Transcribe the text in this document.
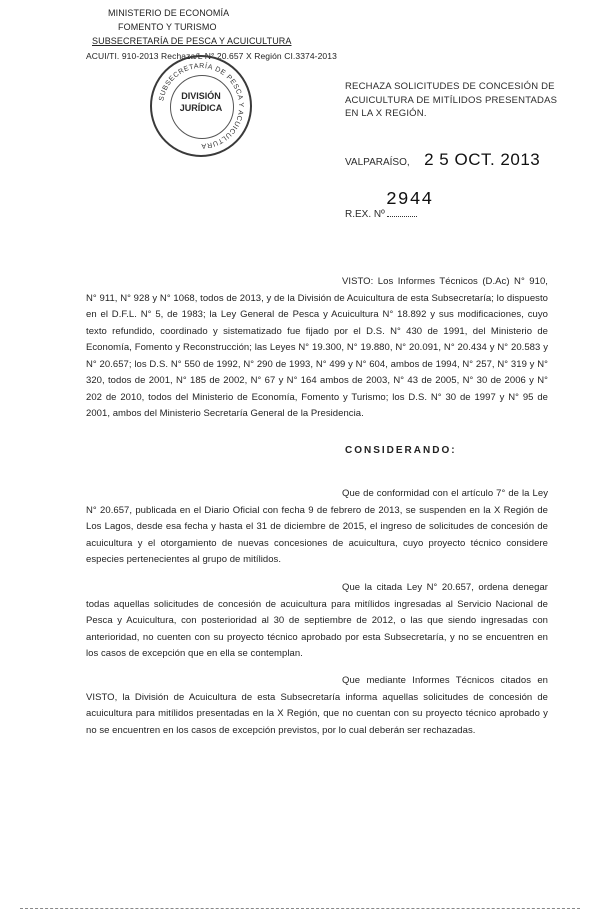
MINISTERIO DE ECONOMÍA
FOMENTO Y TURISMO
SUBSECRETARÍA DE PESCA Y ACUICULTURA
ACUI/TI. 910-2013 Rechaza/L N° 20.657 X Región CI.3374-2013
SUBSECRETARÍA DE PESCA Y ACUICULTURA
DIVISIÓN
JURÍDICA

RECHAZA SOLICITUDES DE CONCESIÓN DE ACUICULTURA DE MITÍLIDOS PRESENTADAS EN LA X REGIÓN.

VALPARAÍSO, 2 5 OCT. 2013
R.EX. Nº
2944

VISTO: Los Informes Técnicos (D.Ac) N° 910, N° 911, N° 928 y N° 1068, todos de 2013, y de la División de Acuicultura de esta Subsecretaría; lo dispuesto en el D.F.L. N° 5, de 1983; la Ley General de Pesca y Acuicultura N° 18.892 y sus modificaciones, cuyo texto refundido, coordinado y sistematizado fue fijado por el D.S. N° 430 de 1991, del Ministerio de Economía, Fomento y Reconstrucción; las Leyes N° 19.300, N° 19.880, N° 20.091, N° 20.434 y N° 20.583 y N° 20.657; los D.S. N° 550 de 1992, N° 290 de 1993, N° 499 y N° 604, ambos de 1994, N° 257, N° 319 y N° 320, todos de 2001, N° 185 de 2002, N° 67 y N° 164 ambos de 2003, N° 43 de 2005, N° 30 de 2006 y N° 202 de 2010, todos del Ministerio de Economía, Fomento y Turismo; los D.S. N° 30 de 1997 y N° 95 de 2001, ambos del Ministerio Secretaría General de la Presidencia.

CONSIDERANDO:

Que de conformidad con el artículo 7° de la Ley N° 20.657, publicada en el Diario Oficial con fecha 9 de febrero de 2013, se suspenden en la X Región de Los Lagos, desde esa fecha y hasta el 31 de diciembre de 2015, el ingreso de solicitudes de concesión de acuicultura y el otorgamiento de nuevas concesiones de acuicultura, cuyo proyecto técnico considere especies pertenecientes al grupo de mitílidos.

Que la citada Ley N° 20.657, ordena denegar todas aquellas solicitudes de concesión de acuicultura para mitílidos ingresadas al Servicio Nacional de Pesca y Acuicultura, con posterioridad al 30 de septiembre de 2012, o las que siendo ingresadas con anterioridad, no cuenten con su proyecto técnico aprobado por esta Subsecretaría, y no se encuentren en los casos de excepción que en ella se contemplan.

Que mediante Informes Técnicos citados en VISTO, la División de Acuicultura de esta Subsecretaría informa aquellas solicitudes de concesión de acuicultura para mitílidos presentadas en la X Región, que no cuentan con su proyecto técnico aprobado y no se encuentren en los casos de excepción previstos, por lo cual deberán ser rechazadas.
